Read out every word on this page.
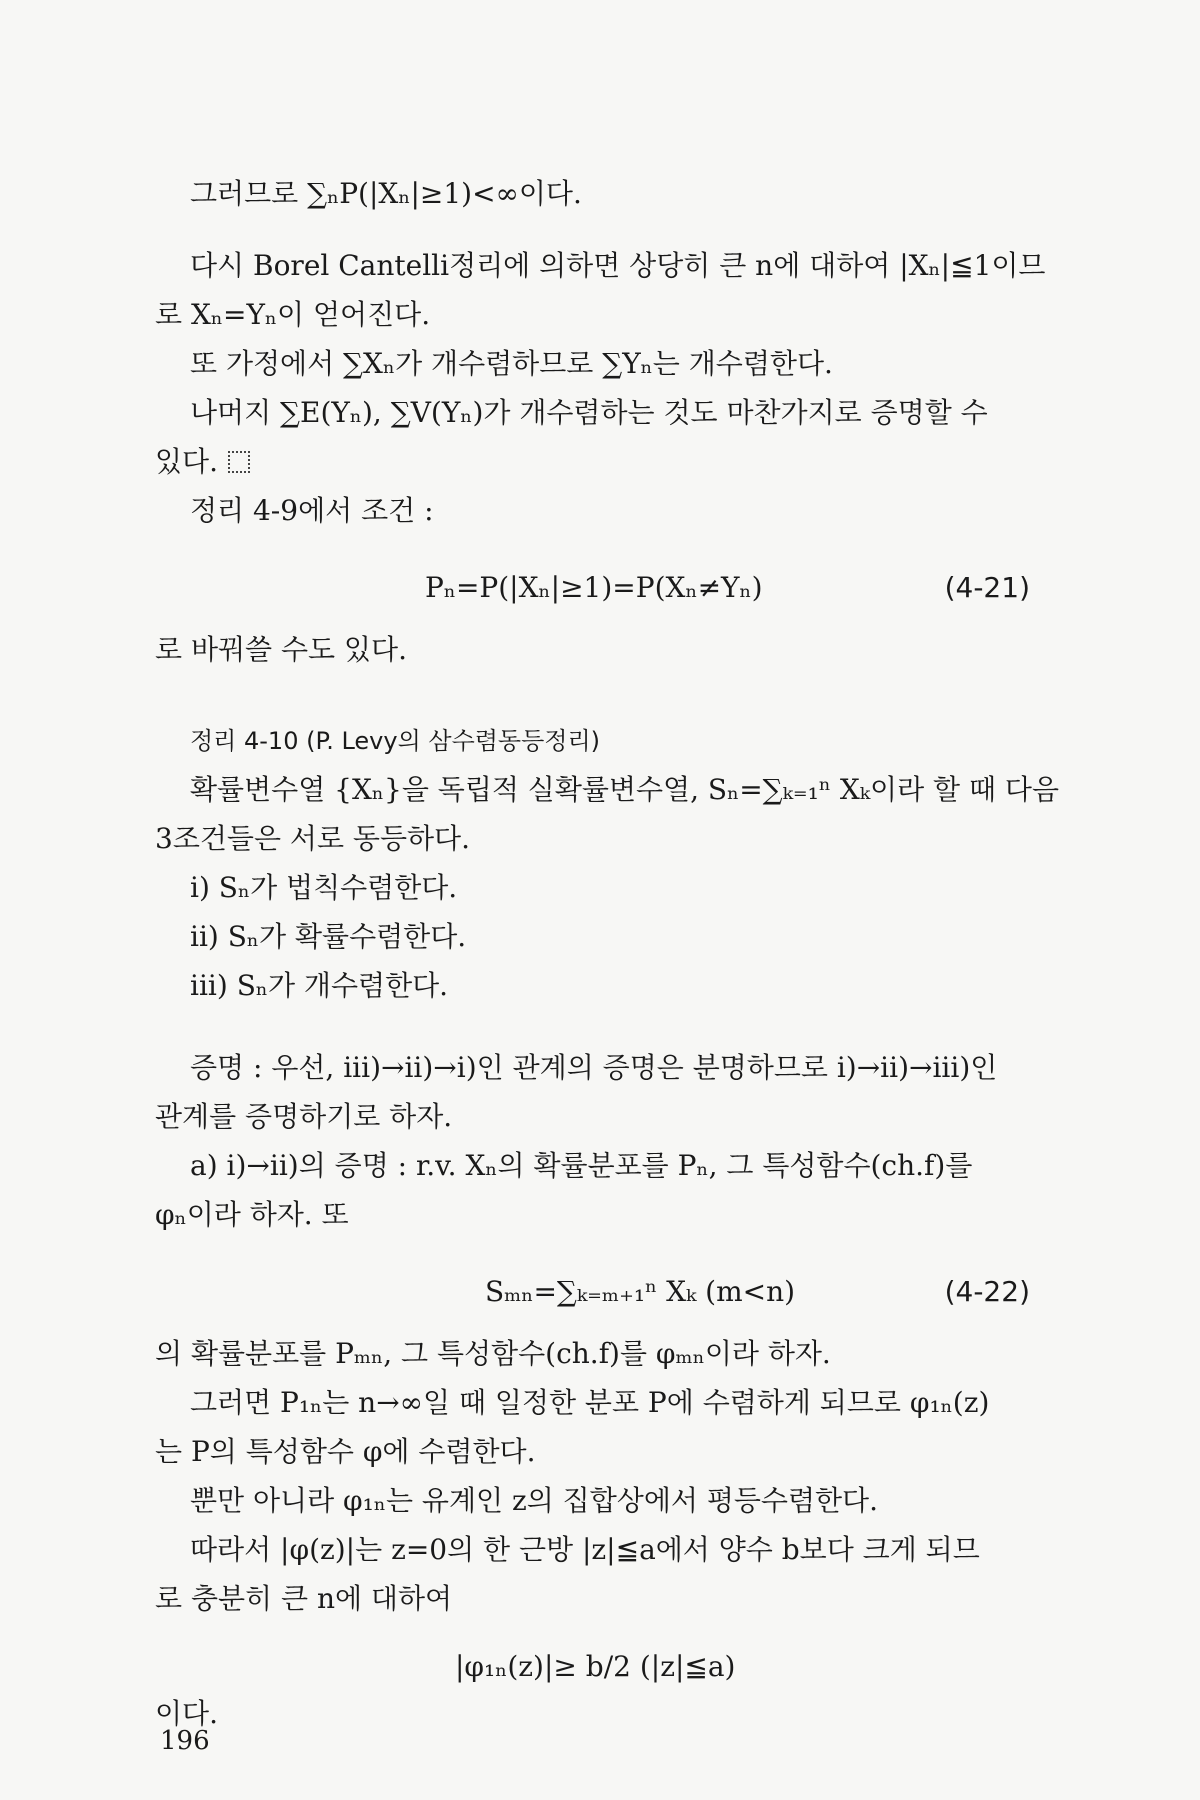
그러므로 ∑ₙP(|Xₙ|≥1)<∞이다.
다시 Borel Cantelli정리에 의하면 상당히 큰 n에 대하여 |Xₙ|≦1이므
로 Xₙ=Yₙ이 얻어진다.
또 가정에서 ∑Xₙ가 개수렴하므로 ∑Yₙ는 개수렴한다.
나머지 ∑E(Yₙ), ∑V(Yₙ)가 개수렴하는 것도 마찬가지로 증명할 수
있다.
정리 4-9에서 조건 :
Pₙ=P(|Xₙ|≥1)=P(Xₙ≠Yₙ)	(4-21)
로 바꿔쓸 수도 있다.
정리 4-10 (P. Levy의 삼수렴동등정리)
확률변수열 {Xₙ}을 독립적 실확률변수열, Sₙ=∑ₖ₌₁ⁿ Xₖ이라 할 때 다음
3조건들은 서로 동등하다.
i) Sₙ가 법칙수렴한다.
ii) Sₙ가 확률수렴한다.
iii) Sₙ가 개수렴한다.
증명 : 우선, iii)→ii)→i)인 관계의 증명은 분명하므로 i)→ii)→iii)인
관계를 증명하기로 하자.
a) i)→ii)의 증명 : r.v. Xₙ의 확률분포를 Pₙ, 그 특성함수(ch.f)를
φₙ이라 하자. 또
Sₘₙ=∑ₖ₌ₘ₊₁ⁿ Xₖ (m<n)	(4-22)
의 확률분포를 Pₘₙ, 그 특성함수(ch.f)를 φₘₙ이라 하자.
그러면 P₁ₙ는 n→∞일 때 일정한 분포 P에 수렴하게 되므로 φ₁ₙ(z)
는 P의 특성함수 φ에 수렴한다.
뿐만 아니라 φ₁ₙ는 유계인 z의 집합상에서 평등수렴한다.
따라서 |φ(z)|는 z=0의 한 근방 |z|≦a에서 양수 b보다 크게 되므
로 충분히 큰 n에 대하여
|φ₁ₙ(z)|≥ b/2 (|z|≦a)
이다.
196
